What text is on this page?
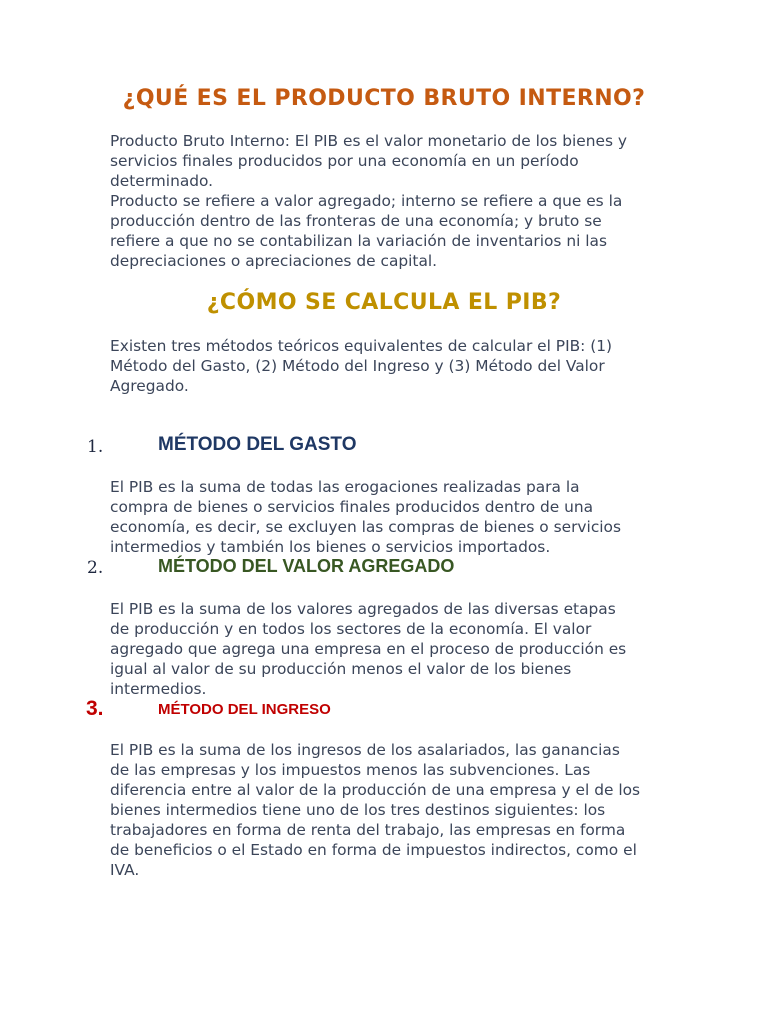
¿QUÉ ES EL PRODUCTO BRUTO INTERNO?
Producto Bruto Interno: El PIB es el valor monetario de los bienes y
servicios finales producidos por una economía en un período
determinado.
Producto se refiere a valor agregado; interno se refiere a que es la
producción dentro de las fronteras de una economía; y bruto se
refiere a que no se contabilizan la variación de inventarios ni las
depreciaciones o apreciaciones de capital.
¿CÓMO SE CALCULA EL PIB?
Existen tres métodos teóricos equivalentes de calcular el PIB: (1)
Método del Gasto, (2) Método del Ingreso y (3) Método del Valor
Agregado.
1.	MÉTODO DEL GASTO
El PIB es la suma de todas las erogaciones realizadas para la
compra de bienes o servicios finales producidos dentro de una
economía, es decir, se excluyen las compras de bienes o servicios
intermedios y también los bienes o servicios importados.
2.	MÉTODO DEL VALOR AGREGADO
El PIB es la suma de los valores agregados de las diversas etapas
de producción y en todos los sectores de la economía. El valor
agregado que agrega una empresa en el proceso de producción es
igual al valor de su producción menos el valor de los bienes
intermedios.
3.	MÉTODO DEL INGRESO
El PIB es la suma de los ingresos de los asalariados, las ganancias
de las empresas y los impuestos menos las subvenciones. Las
diferencia entre al valor de la producción de una empresa y el de los
bienes intermedios tiene uno de los tres destinos siguientes: los
trabajadores en forma de renta del trabajo, las empresas en forma
de beneficios o el Estado en forma de impuestos indirectos, como el
IVA.
